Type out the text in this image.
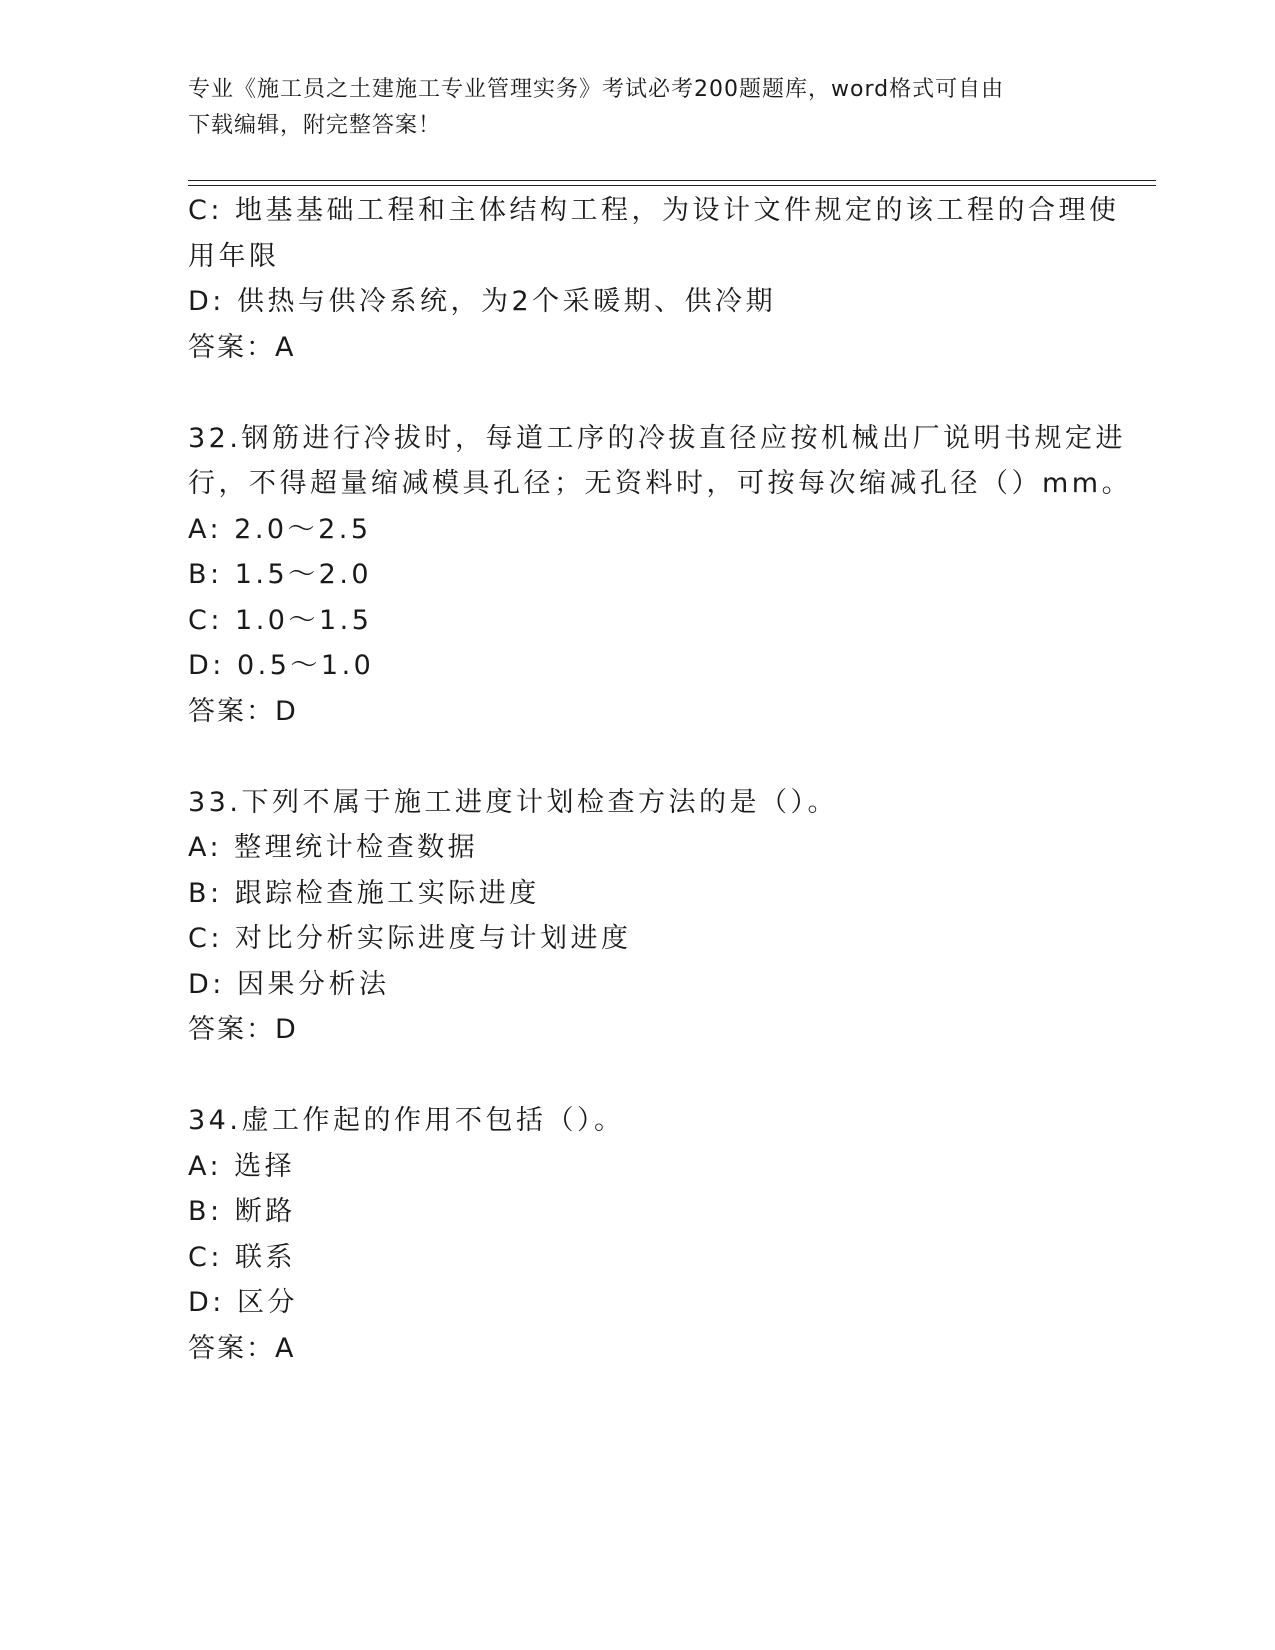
专业《施工员之土建施工专业管理实务》考试必考200题题库，word格式可自由
下载编辑，附完整答案！
C: 地基基础工程和主体结构工程，为设计文件规定的该工程的合理使
用年限
D: 供热与供冷系统，为2个采暖期、供冷期
答案：A
32.钢筋进行冷拔时，每道工序的冷拔直径应按机械出厂说明书规定进
行，不得超量缩减模具孔径；无资料时，可按每次缩减孔径（）mm。
A: 2.0～2.5
B: 1.5～2.0
C: 1.0～1.5
D: 0.5～1.0
答案：D
33.下列不属于施工进度计划检查方法的是（）。
A: 整理统计检查数据
B: 跟踪检查施工实际进度
C: 对比分析实际进度与计划进度
D: 因果分析法
答案：D
34.虚工作起的作用不包括（）。
A: 选择
B: 断路
C: 联系
D: 区分
答案：A
